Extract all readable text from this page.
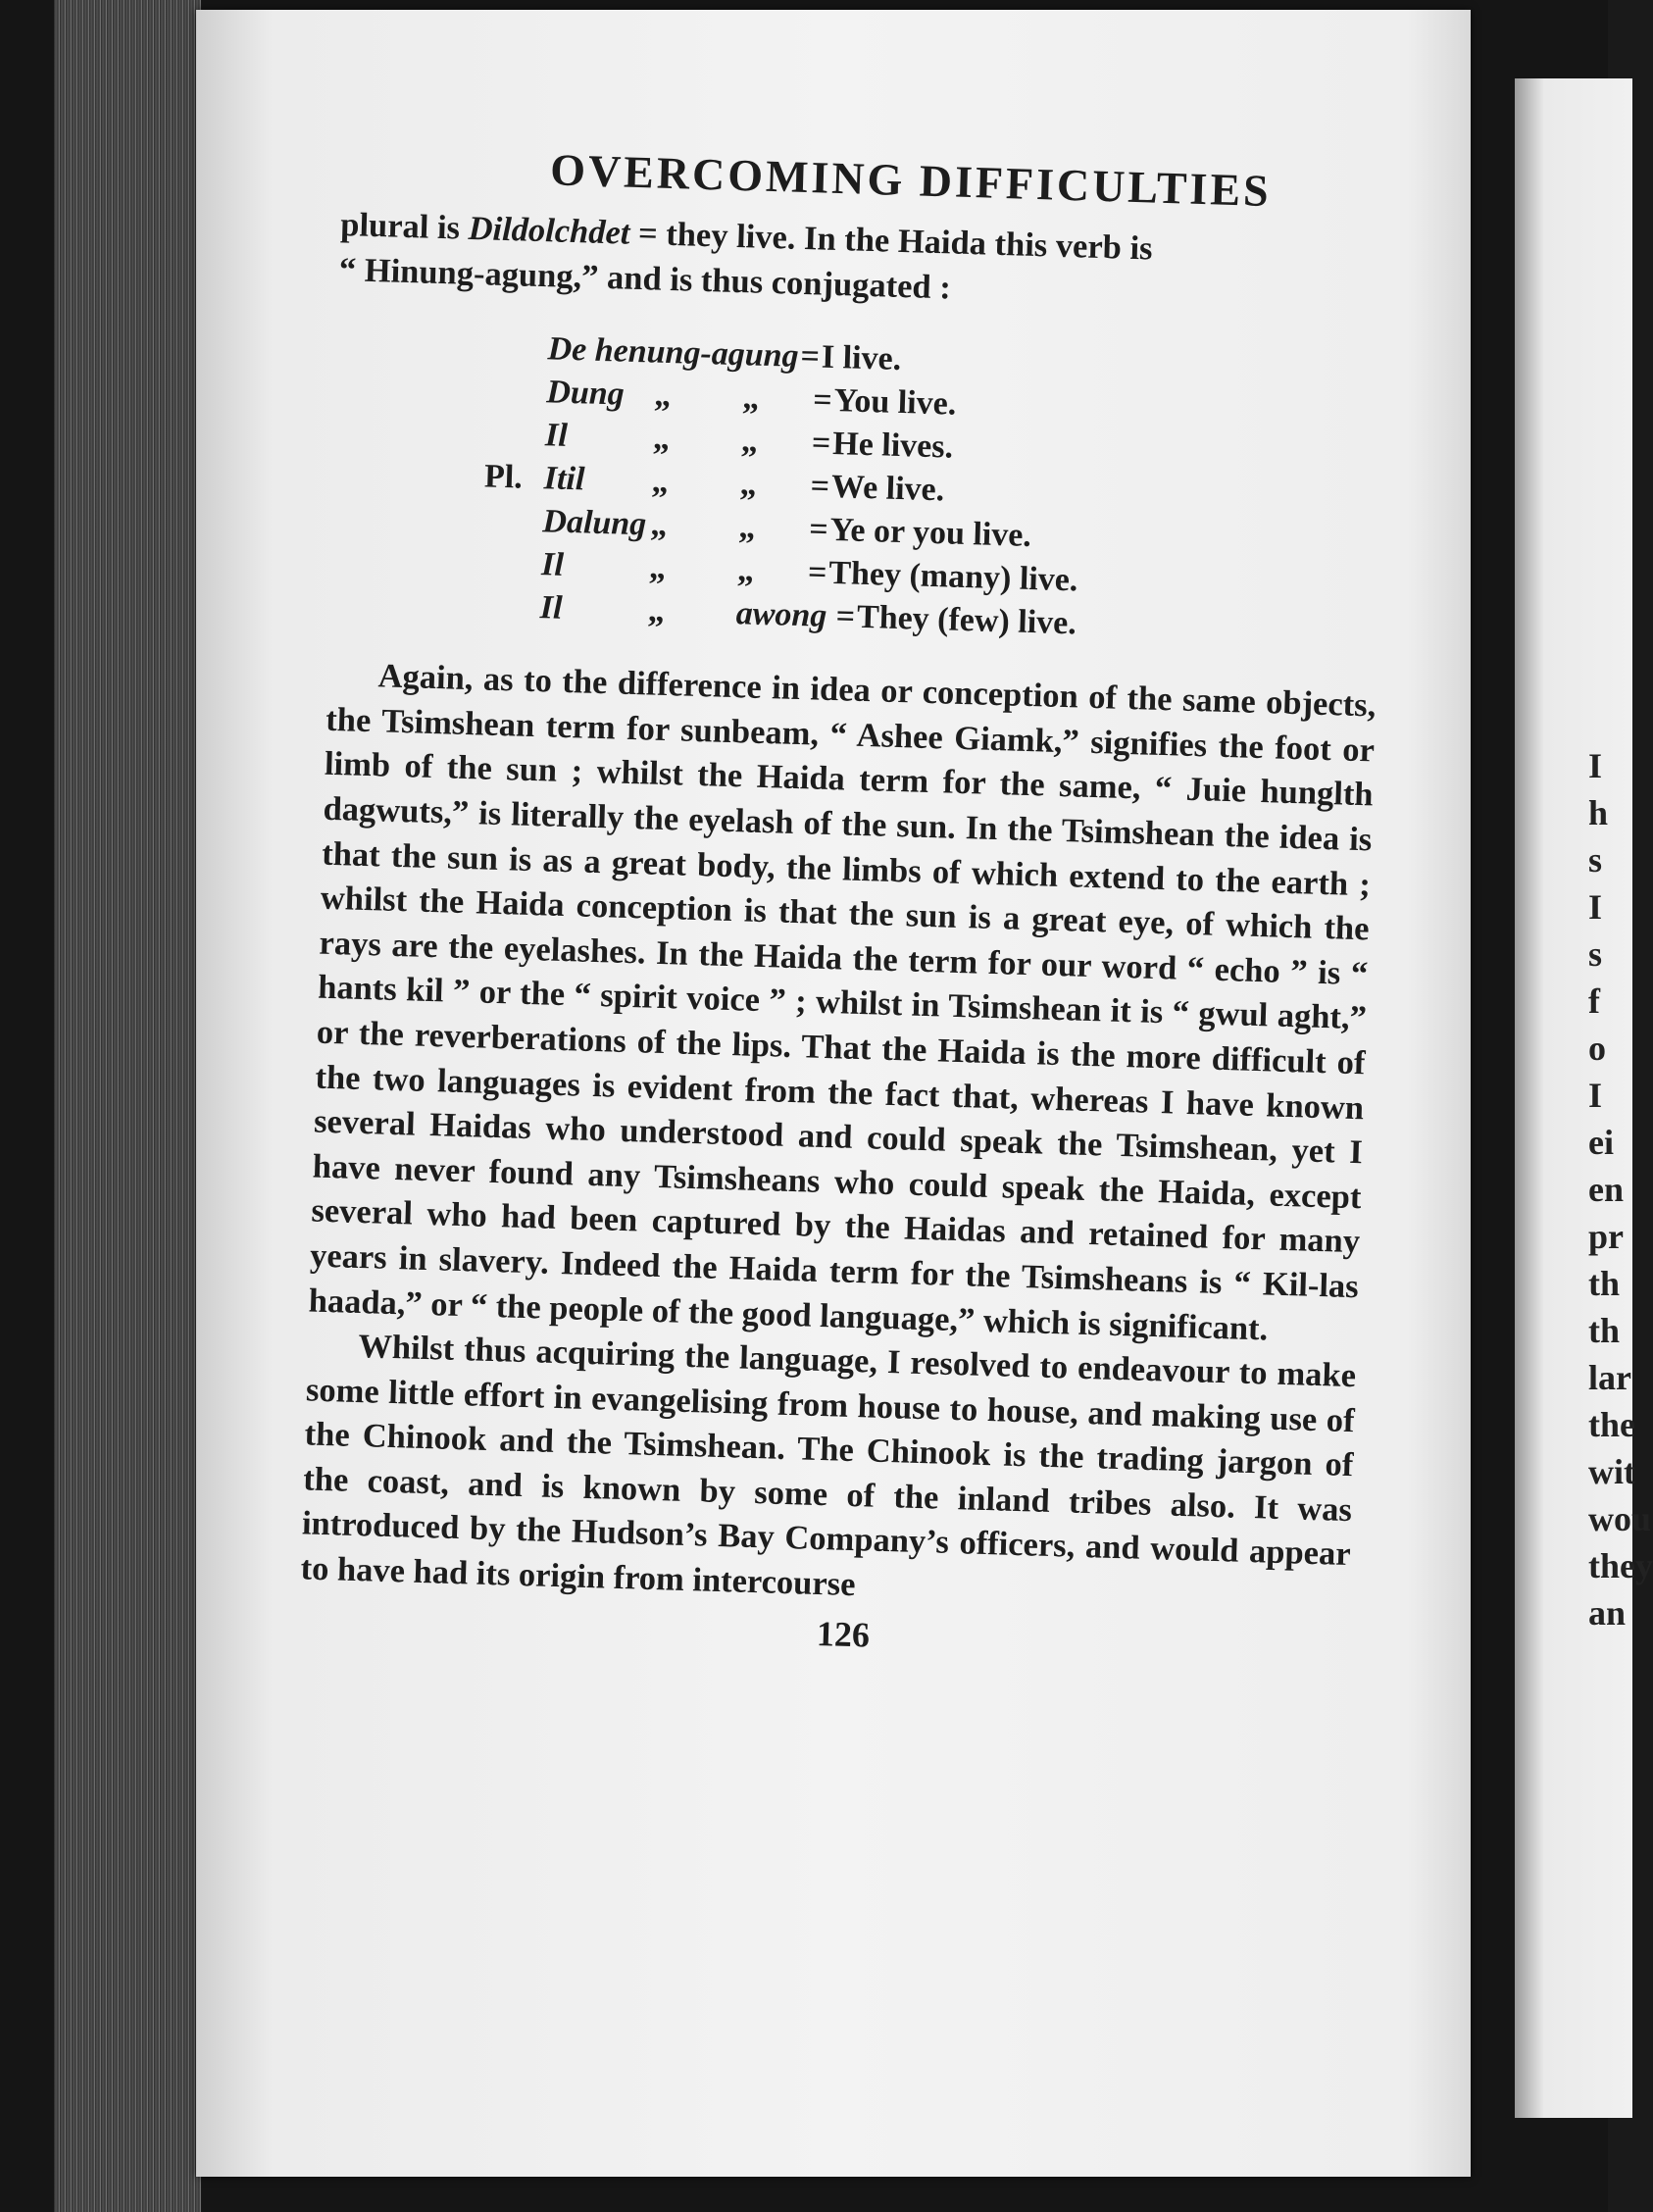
I
h
s
I
s
f
o
I
ei
en
pr
th
th
lar
the
wit
wou
they
an
OVERCOMING DIFFICULTIES

plural is Dildolchdet = they live. In the Haida this verb is

“ Hinung-agung,” and is thus conjugated :

De henung-agung = I live.
Dung „	„	= You live.
Il	„	„	= He lives.
Pl. Itil	„	„	= We live.
Dalung „	„	= Ye or you live.
Il	„	„	= They (many) live.
Il	„	awong = They (few) live.

Again, as to the difference in idea or conception of the same objects, the Tsimshean term for sunbeam, “ Ashee Giamk,” signifies the foot or limb of the sun ; whilst the Haida term for the same, “ Juie hunglth dagwuts,” is literally the eyelash of the sun. In the Tsimshean the idea is that the sun is as a great body, the limbs of which extend to the earth ; whilst the Haida conception is that the sun is a great eye, of which the rays are the eyelashes. In the Haida the term for our word “ echo ” is “ hants kil ” or the “ spirit voice ” ; whilst in Tsimshean it is “ gwul aght,” or the reverberations of the lips. That the Haida is the more difficult of the two languages is evident from the fact that, whereas I have known several Haidas who understood and could speak the Tsimshean, yet I have never found any Tsimsheans who could speak the Haida, except several who had been captured by the Haidas and retained for many years in slavery. Indeed the Haida term for the Tsimsheans is “ Kil-las haada,” or “ the people of the good language,” which is significant.

Whilst thus acquiring the language, I resolved to endeavour to make some little effort in evangelising from house to house, and making use of the Chinook and the Tsimshean. The Chinook is the trading jargon of the coast, and is known by some of the inland tribes also. It was introduced by the Hudson’s Bay Company’s officers, and would appear to have had its origin from intercourse

126
